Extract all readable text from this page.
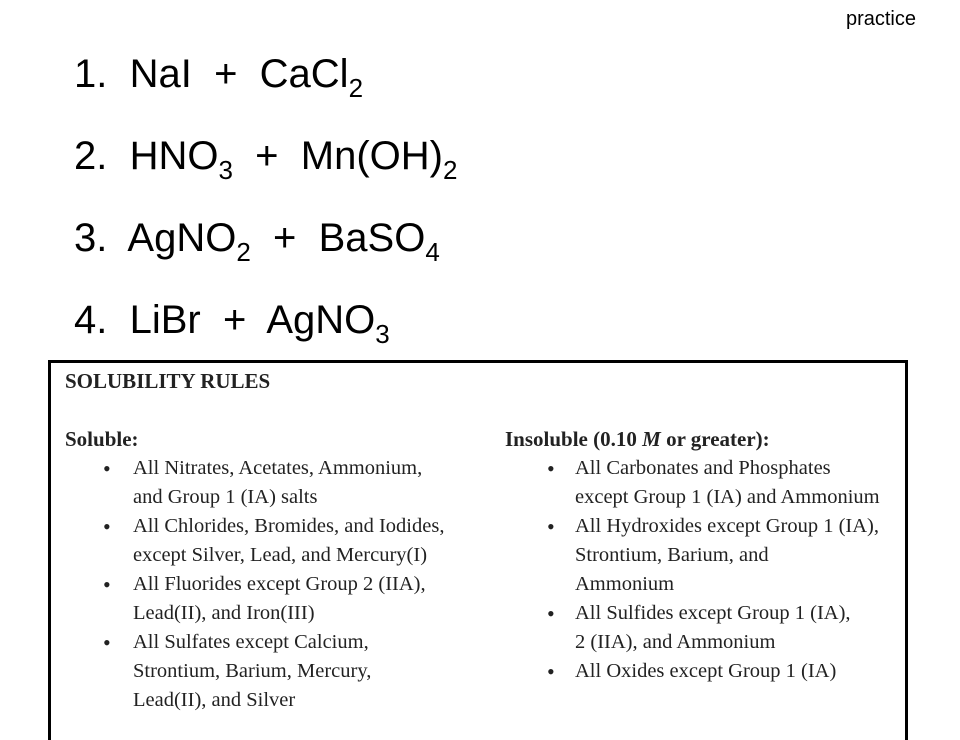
practice
1.  NaI  +  CaCl$_2$
2.  $HNO_3 + Mn(OH)_2$
3.  AgNO$_2$  +  BaSO$_4$
4.  LiBr  +  AgNO$_3$
SOLUBILITY RULES
Soluble:
• All Nitrates, Acetates, Ammonium,
and Group 1 (IA) salts
• All Chlorides, Bromides, and Iodides,
except Silver, Lead, and Mercury(I)
• All Fluorides except Group 2 (IIA),
Lead(II), and Iron(III)
• All Sulfates except Calcium,
Strontium, Barium, Mercury,
Lead(II), and Silver
Insoluble (0.10 M or greater):
• All Carbonates and Phosphates
except Group 1 (IA) and Ammonium
• All Hydroxides except Group 1 (IA),
Strontium, Barium, and
Ammonium
• All Sulfides except Group 1 (IA),
2 (IIA), and Ammonium
• All Oxides except Group 1 (IA)
